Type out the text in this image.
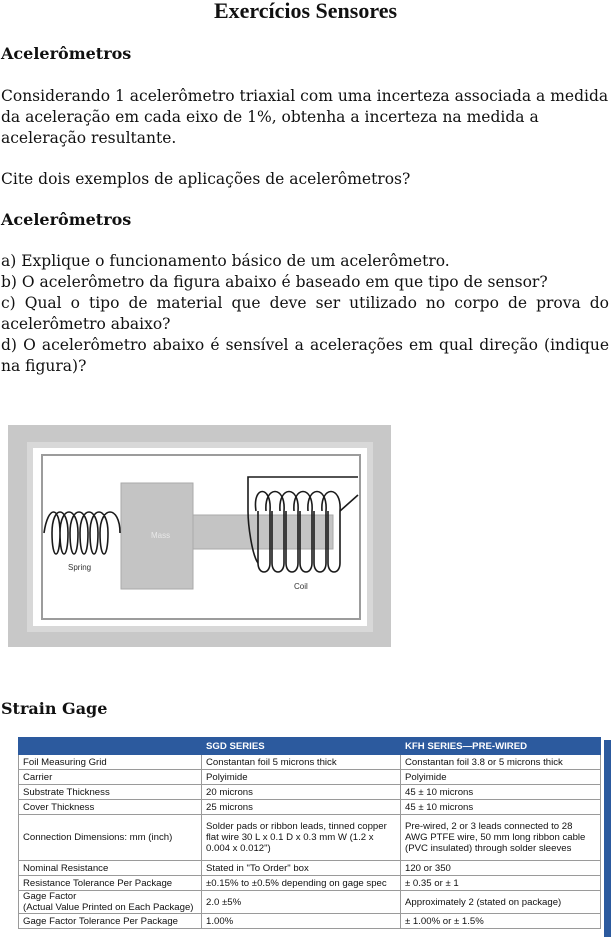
Exercícios Sensores
Acelerômetros

Considerando 1 acelerômetro triaxial com uma incerteza associada a medida da aceleração em cada eixo de 1%, obtenha a incerteza na medida a aceleração resultante.

Cite dois exemplos de aplicações de acelerômetros?

Acelerômetros
a) Explique o funcionamento básico de um acelerômetro.
b) O acelerômetro da figura abaixo é baseado em que tipo de sensor?
c) Qual o tipo de material que deve ser utilizado no corpo de prova do acelerômetro abaixo?
d) O acelerômetro abaixo é sensível a acelerações em qual direção (indique na figura)?
Mass
Spring
Coil
Strain Gage
	SGD SERIES	KFH SERIES—PRE-WIRED
Foil Measuring Grid	Constantan foil 5 microns thick	Constantan foil 3.8 or 5 microns thick
Carrier	Polyimide	Polyimide
Substrate Thickness	20 microns	45 ± 10 microns
Cover Thickness	25 microns	45 ± 10 microns
Connection Dimensions: mm (inch)	Solder pads or ribbon leads, tinned copper flat wire 30 L x 0.1 D x 0.3 mm W (1.2 x 0.004 x 0.012")	Pre-wired, 2 or 3 leads connected to 28 AWG PTFE wire, 50 mm long ribbon cable (PVC insulated) through solder sleeves
Nominal Resistance	Stated in "To Order" box	120 or 350
Resistance Tolerance Per Package	±0.15% to ±0.5% depending on gage spec	± 0.35 or ± 1
Gage Factor
(Actual Value Printed on Each Package)	2.0 ±5%	Approximately 2 (stated on package)
Gage Factor Tolerance Per Package	1.00%	± 1.00% or ± 1.5%
